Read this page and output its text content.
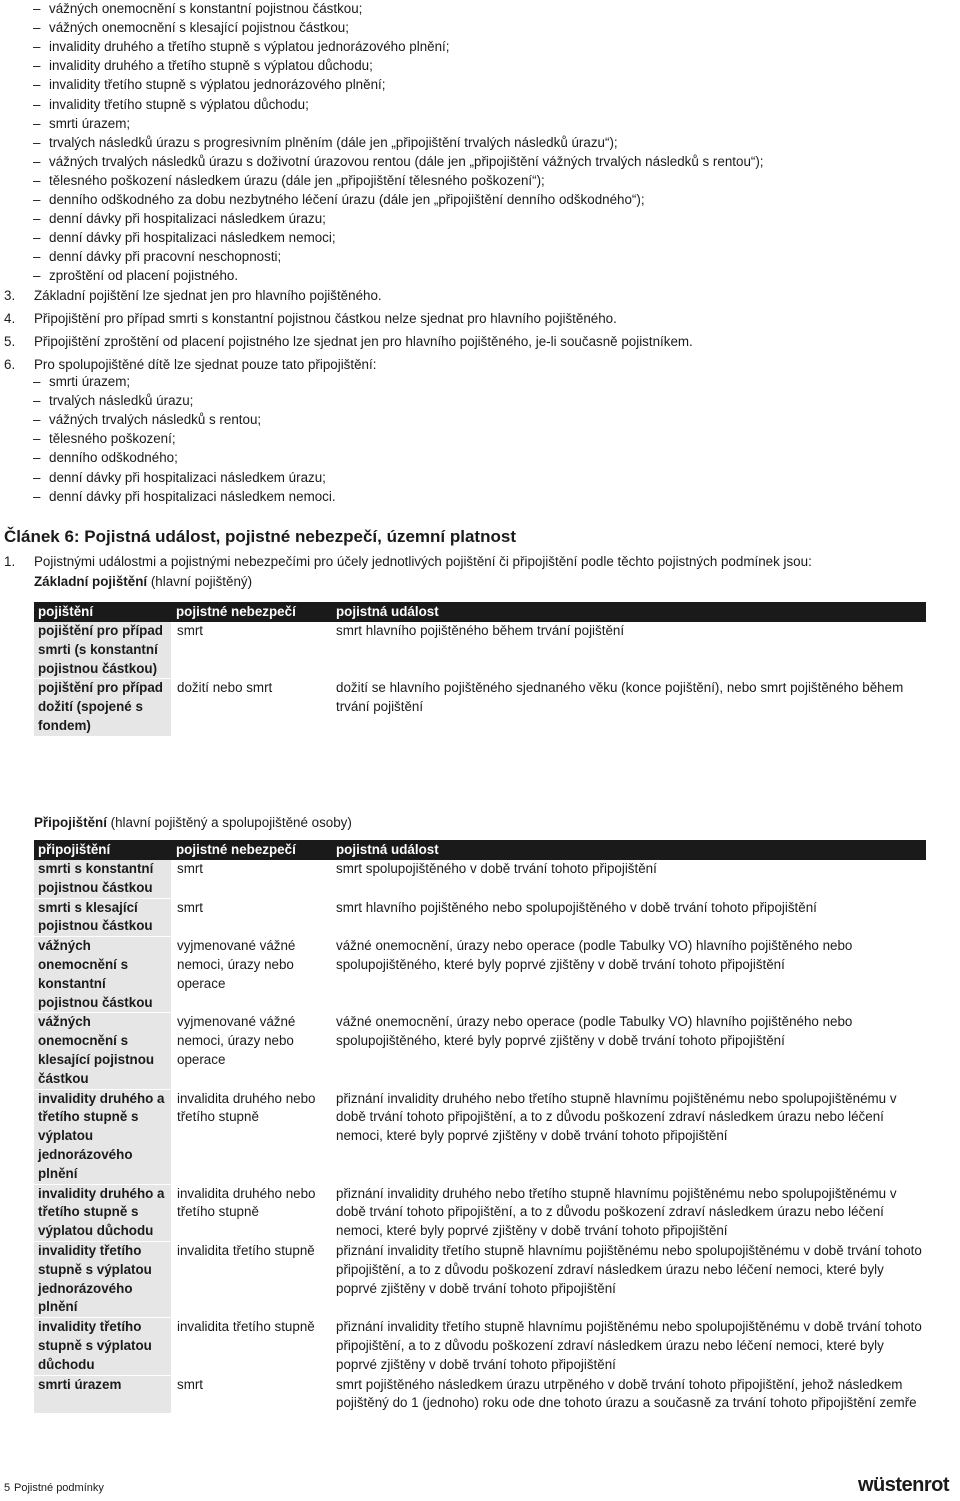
– vážných onemocnění s konstantní pojistnou částkou;
– vážných onemocnění s klesající pojistnou částkou;
– invalidity druhého a třetího stupně s výplatou jednorázového plnění;
– invalidity druhého a třetího stupně s výplatou důchodu;
– invalidity třetího stupně s výplatou jednorázového plnění;
– invalidity třetího stupně s výplatou důchodu;
– smrti úrazem;
– trvalých následků úrazu s progresivním plněním (dále jen „připojištění trvalých následků úrazu“);
– vážných trvalých následků úrazu s doživotní úrazovou rentou (dále jen „připojištění vážných trvalých následků s rentou“);
– tělesného poškození následkem úrazu (dále jen „připojištění tělesného poškození“);
– denního odškodného za dobu nezbytného léčení úrazu (dále jen „připojištění denního odškodného“);
– denní dávky při hospitalizaci následkem úrazu;
– denní dávky při hospitalizaci následkem nemoci;
– denní dávky při pracovní neschopnosti;
– zproštění od placení pojistného.
3. Základní pojištění lze sjednat jen pro hlavního pojištěného.
4. Připojištění pro případ smrti s konstantní pojistnou částkou nelze sjednat pro hlavního pojištěného.
5. Připojištění zproštění od placení pojistného lze sjednat jen pro hlavního pojištěného, je-li současně pojistníkem.
6. Pro spolupojištěné dítě lze sjednat pouze tato připojištění:
– smrti úrazem;
– trvalých následků úrazu;
– vážných trvalých následků s rentou;
– tělesného poškození;
– denního odškodného;
– denní dávky při hospitalizaci následkem úrazu;
– denní dávky při hospitalizaci následkem nemoci.
Článek 6: Pojistná událost, pojistné nebezpečí, územní platnost
1. Pojistnými událostmi a pojistnými nebezpečími pro účely jednotlivých pojištění či připojištění podle těchto pojistných podmínek jsou:
Základní pojištění (hlavní pojištěný)
pojištění	pojistné nebezpečí	pojistná událost
pojištění pro případ smrti (s konstantní pojistnou částkou)	smrt	smrt hlavního pojištěného během trvání pojištění
pojištění pro případ dožití (spojené s fondem)	dožití nebo smrt	dožití se hlavního pojištěného sjednaného věku (konce pojištění), nebo smrt pojištěného během trvání pojištění
Připojištění (hlavní pojištěný a spolupojištěné osoby)
připojištění	pojistné nebezpečí	pojistná událost
smrti s konstantní pojistnou částkou	smrt	smrt spolupojištěného v době trvání tohoto připojištění
smrti s klesající pojistnou částkou	smrt	smrt hlavního pojištěného nebo spolupojištěného v době trvání tohoto připojištění
vážných onemocnění s konstantní pojistnou částkou	vyjmenované vážné nemoci, úrazy nebo operace	vážné onemocnění, úrazy nebo operace (podle Tabulky VO) hlavního pojištěného nebo spolupojištěného, které byly poprvé zjištěny v době trvání tohoto připojištění
vážných onemocnění s klesající pojistnou částkou	vyjmenované vážné nemoci, úrazy nebo operace	vážné onemocnění, úrazy nebo operace (podle Tabulky VO) hlavního pojištěného nebo spolupojištěného, které byly poprvé zjištěny v době trvání tohoto připojištění
invalidity druhého a třetího stupně s výplatou jednorázového plnění	invalidita druhého nebo třetího stupně	přiznání invalidity druhého nebo třetího stupně hlavnímu pojištěnému nebo spolupojištěnému v době trvání tohoto připojištění, a to z důvodu poškození zdraví následkem úrazu nebo léčení nemoci, které byly poprvé zjištěny v době trvání tohoto připojištění
invalidity druhého a třetího stupně s výplatou důchodu	invalidita druhého nebo třetího stupně	přiznání invalidity druhého nebo třetího stupně hlavnímu pojištěnému nebo spolupojištěnému v době trvání tohoto připojištění, a to z důvodu poškození zdraví následkem úrazu nebo léčení nemoci, které byly poprvé zjištěny v době trvání tohoto připojištění
invalidity třetího stupně s výplatou jednorázového plnění	invalidita třetího stupně	přiznání invalidity třetího stupně hlavnímu pojištěnému nebo spolupojištěnému v době trvání tohoto připojištění, a to z důvodu poškození zdraví následkem úrazu nebo léčení nemoci, které byly poprvé zjištěny v době trvání tohoto připojištění
invalidity třetího stupně s výplatou důchodu	invalidita třetího stupně	přiznání invalidity třetího stupně hlavnímu pojištěnému nebo spolupojištěnému v době trvání tohoto připojištění, a to z důvodu poškození zdraví následkem úrazu nebo léčení nemoci, které byly poprvé zjištěny v době trvání tohoto připojištění
smrti úrazem	smrt	smrt pojištěného následkem úrazu utrpěného v době trvání tohoto připojištění, jehož následkem pojištěný do 1 (jednoho) roku ode dne tohoto úrazu a současně za trvání tohoto připojištění zemře
5 Pojistné podmínky	wüstenrot
